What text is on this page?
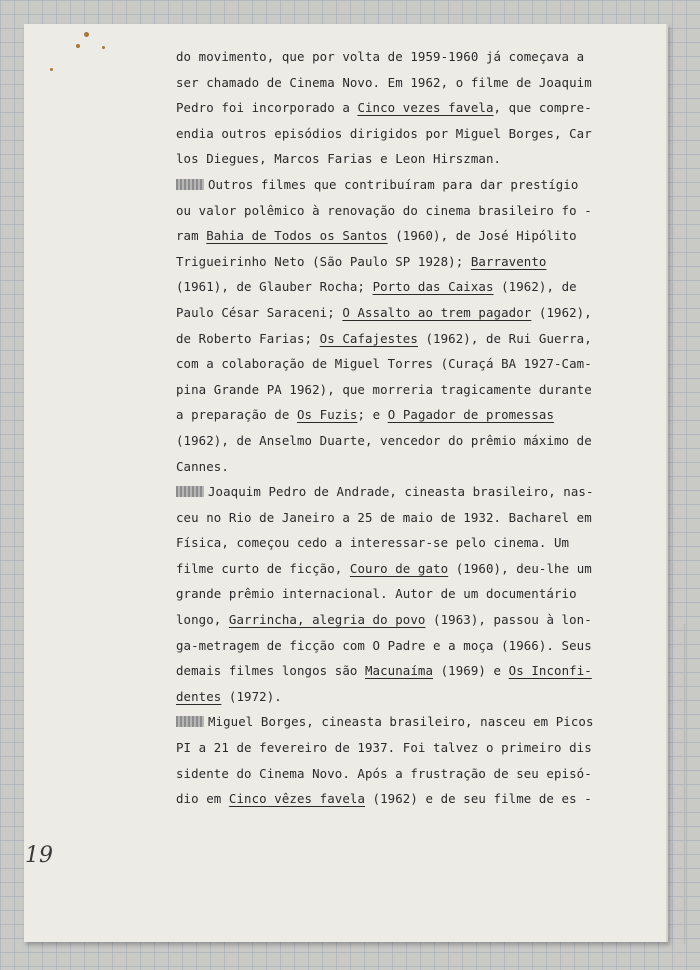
do movimento, que por volta de 1959-1960 já começava a
ser chamado de Cinema Novo. Em 1962, o filme de Joaquim
Pedro foi incorporado a Cinco vezes favela, que compre-
endia outros episódios dirigidos por Miguel Borges, Car
los Diegues, Marcos Farias e Leon Hirszman.
Outros filmes que contribuíram para dar prestígio
ou valor polêmico à renovação do cinema brasileiro fo -
ram Bahia de Todos os Santos (1960), de José Hipólito
Trigueirinho Neto (São Paulo SP 1928); Barravento
(1961), de Glauber Rocha; Porto das Caixas (1962), de
Paulo César Saraceni; O Assalto ao trem pagador (1962),
de Roberto Farias; Os Cafajestes (1962), de Rui Guerra,
com a colaboração de Miguel Torres (Curaçá BA 1927-Cam-
pina Grande PA 1962), que morreria tragicamente durante
a preparação de Os Fuzis; e O Pagador de promessas
(1962), de Anselmo Duarte, vencedor do prêmio máximo de
Cannes.
Joaquim Pedro de Andrade, cineasta brasileiro, nas-
ceu no Rio de Janeiro a 25 de maio de 1932. Bacharel em
Física, começou cedo a interessar-se pelo cinema. Um
filme curto de ficção, Couro de gato (1960), deu-lhe um
grande prêmio internacional. Autor de um documentário
longo, Garrincha, alegria do povo (1963), passou à lon-
ga-metragem de ficção com O Padre e a moça (1966). Seus
demais filmes longos são Macunaíma (1969) e Os Inconfi-
dentes (1972).
Miguel Borges, cineasta brasileiro, nasceu em Picos
PI a 21 de fevereiro de 1937. Foi talvez o primeiro dis
sidente do Cinema Novo. Após a frustração de seu episó-
dio em Cinco vêzes favela (1962) e de seu filme de es -
19
